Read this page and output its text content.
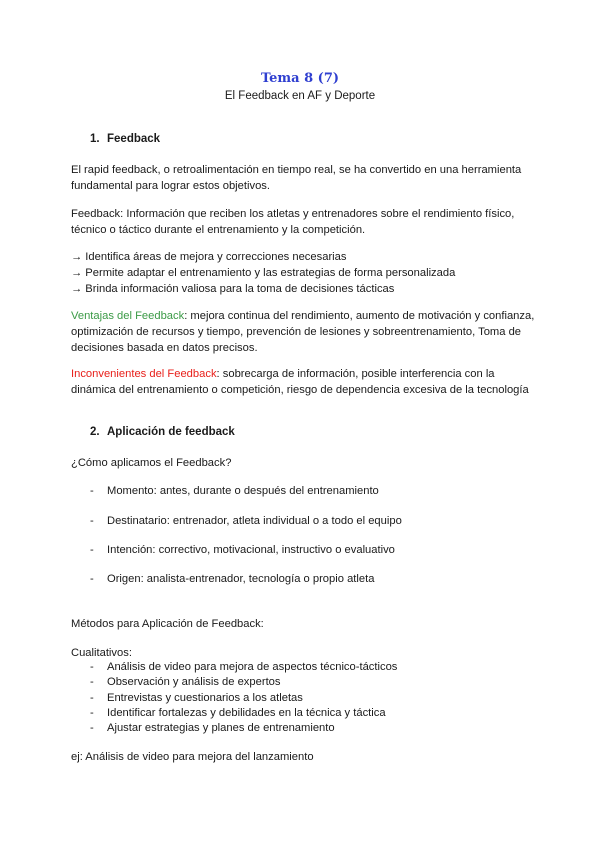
Tema 8 (7)
El Feedback en AF y Deporte
1. Feedback
El rapid feedback, o retroalimentación en tiempo real, se ha convertido en una herramienta fundamental para lograr estos objetivos.
Feedback: Información que reciben los atletas y entrenadores sobre el rendimiento físico, técnico o táctico durante el entrenamiento y la competición.
→ Identifica áreas de mejora y correcciones necesarias
→ Permite adaptar el entrenamiento y las estrategias de forma personalizada
→ Brinda información valiosa para la toma de decisiones tácticas
Ventajas del Feedback: mejora continua del rendimiento, aumento de motivación y confianza, optimización de recursos y tiempo, prevención de lesiones y sobreentrenamiento, Toma de decisiones basada en datos precisos.
Inconvenientes del Feedback: sobrecarga de información, posible interferencia con la dinámica del entrenamiento o competición, riesgo de dependencia excesiva de la tecnología
2. Aplicación de feedback
¿Cómo aplicamos el Feedback?
- Momento: antes, durante o después del entrenamiento
- Destinatario: entrenador, atleta individual o a todo el equipo
- Intención: correctivo, motivacional, instructivo o evaluativo
- Origen: analista-entrenador, tecnología o propio atleta
Métodos para Aplicación de Feedback:
Cualitativos:
- Análisis de video para mejora de aspectos técnico-tácticos
- Observación y análisis de expertos
- Entrevistas y cuestionarios a los atletas
- Identificar fortalezas y debilidades en la técnica y táctica
- Ajustar estrategias y planes de entrenamiento
ej: Análisis de video para mejora del lanzamiento
